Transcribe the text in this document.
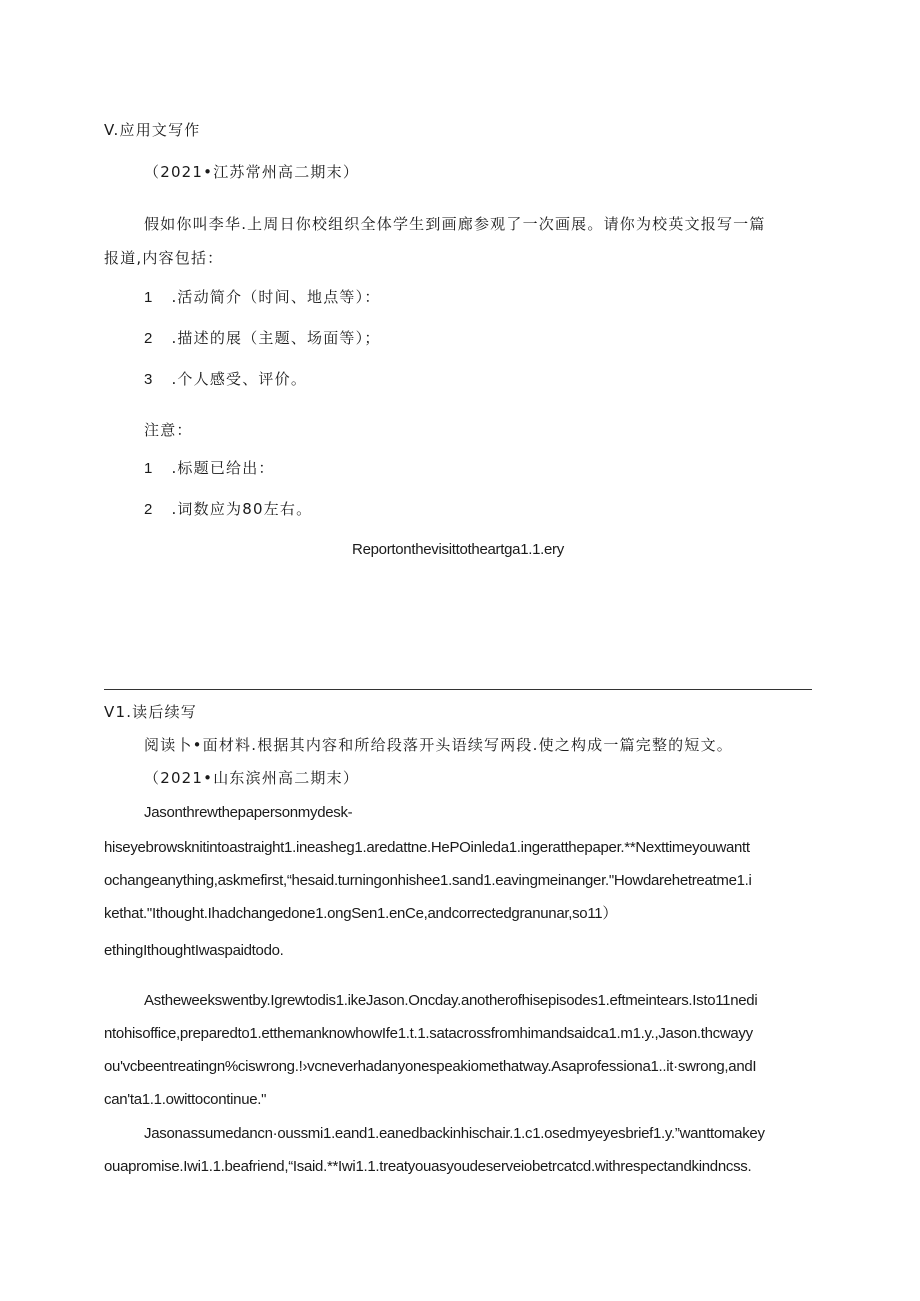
V.应用文写作
（2021•江苏常州高二期末）
假如你叫李华.上周日你校组织全体学生到画廊参观了一次画展。请你为校英文报写一篇
报道,内容包括：
1 .活动简介（时间、地点等）：
2 .描述的展（主题、场面等）；
3 .个人感受、评价。
注意：
1 .标题已给出：
2 .词数应为80左右。
Reportonthevisittotheartga1.1.ery
V1.读后续写
阅读卜•面材料.根据其内容和所给段落开头语续写两段.使之构成一篇完整的短文。
（2021•山东滨州高二期末）
Jasonthrewthepapersonmydesk-
hiseyebrowsknitintoastraight1.ineasheg1.aredattne.HePOinleda1.ingeratthepaper.**Nexttimeyouwantt
ochangeanything,askmefirst,“hesaid.turningonhishee1.sand1.eavingmeinanger."Howdarehetreatme1.i
kethat."Ithought.Ihadchangedone1.ongSen1.enCe,andcorrectedgranunar,so11）
ethingIthoughtIwaspaidtodo.
Astheweekswentby.Igrewtodis1.ikeJason.Oncday.anotherofhisepisodes1.eftmeintears.Isto11nedi
ntohisoffice,preparedto1.etthemanknowhowIfe1.t.1.satacrossfromhimandsaidca1.m1.y.,Jason.thcwayy
ou'vcbeentreatingn%ciswrong.!›vcneverhadanyonespeakiomethatway.Asaprofessiona1..it·swrong,andI
can'ta1.1.owittocontinue."
Jasonassumedancn·oussmi1.eand1.eanedbackinhischair.1.c1.osedmyeyesbrief1.y.”wanttomakey
ouapromise.Iwi1.1.beafriend,“Isaid.**Iwi1.1.treatyouasyoudeserveiobetrcatcd.withrespectandkindncss.
